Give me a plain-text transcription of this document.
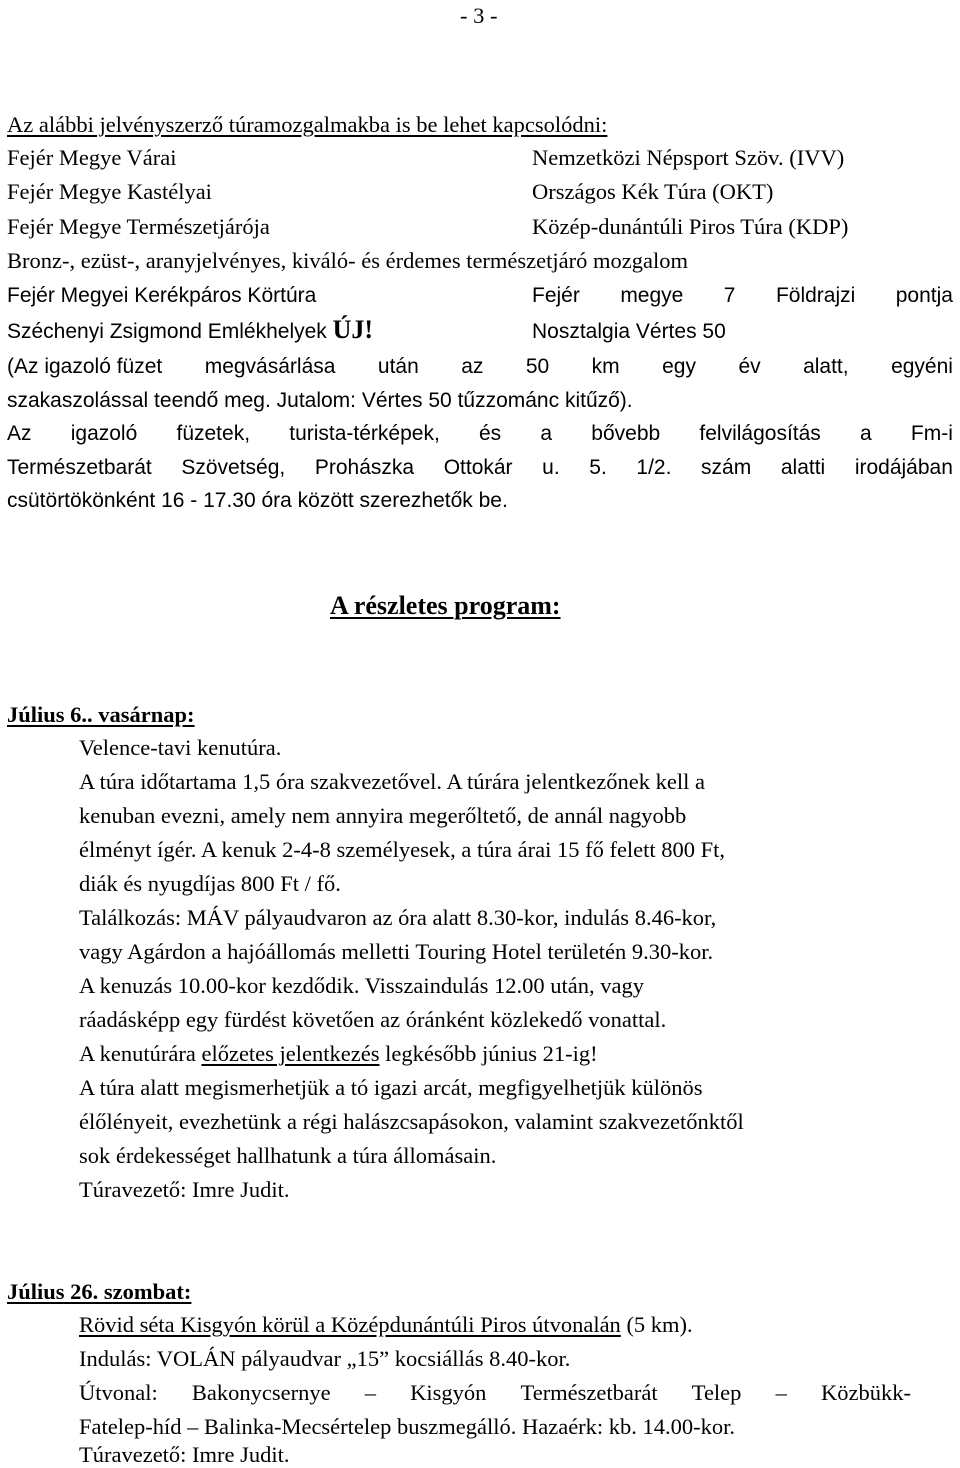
- 3 -
Az alábbi jelvényszerző túramozgalmakba is be lehet kapcsolódni:
Fejér Megye Várai	Nemzetközi Népsport Szöv. (IVV)
Fejér Megye Kastélyai	Országos Kék Túra (OKT)
Fejér Megye Természetjárója	Közép-dunántúli Piros Túra (KDP)
Bronz-, ezüst-, aranyjelvényes, kiváló- és érdemes természetjáró mozgalom
Fejér Megyei Kerékpáros Körtúra	Fejér megye 7 Földrajzi pontja
Széchenyi Zsigmond Emlékhelyek ÚJ!	Nosztalgia Vértes 50
(Az igazoló füzet megvásárlása után az 50 km egy év alatt, egyéni
szakaszolással teendő meg. Jutalom: Vértes 50 tűzzománc kitűző).
Az igazoló füzetek, turista-térképek, és a bővebb felvilágosítás a Fm-i
Természetbarát Szövetség, Prohászka Ottokár u. 5. 1/2. szám alatti irodájában
csütörtökönként 16 - 17.30 óra között szerezhetők be.
A részletes program:
Július 6.. vasárnap:
Velence-tavi kenutúra.
A túra időtartama 1,5 óra szakvezetővel. A túrára jelentkezőnek kell a
kenuban evezni, amely nem annyira megerőltető, de annál nagyobb
élményt ígér. A kenuk 2-4-8 személyesek, a túra árai 15 fő felett 800 Ft,
diák és nyugdíjas 800 Ft / fő.
Találkozás: MÁV pályaudvaron az óra alatt 8.30-kor, indulás 8.46-kor,
vagy Agárdon a hajóállomás melletti Touring Hotel területén 9.30-kor.
A kenuzás 10.00-kor kezdődik. Visszaindulás 12.00 után, vagy
ráadásképp egy fürdést követően az óránként közlekedő vonattal.
A kenutúrára előzetes jelentkezés legkésőbb június 21-ig!
A túra alatt megismerhetjük a tó igazi arcát, megfigyelhetjük különös
élőlényeit, evezhetünk a régi halászcsapásokon, valamint szakvezetőnktől
sok érdekességet hallhatunk a túra állomásain.
Túravezető: Imre Judit.
Július 26. szombat:
Rövid séta Kisgyón körül a Középdunántúli Piros útvonalán (5 km).
Indulás: VOLÁN pályaudvar „15” kocsiállás 8.40-kor.
Útvonal: Bakonycsernye – Kisgyón Természetbarát Telep – Közbükk-
Fatelep-híd – Balinka-Mecsértelep buszmegálló. Hazaérk: kb. 14.00-kor.
Túravezető: Imre Judit.
